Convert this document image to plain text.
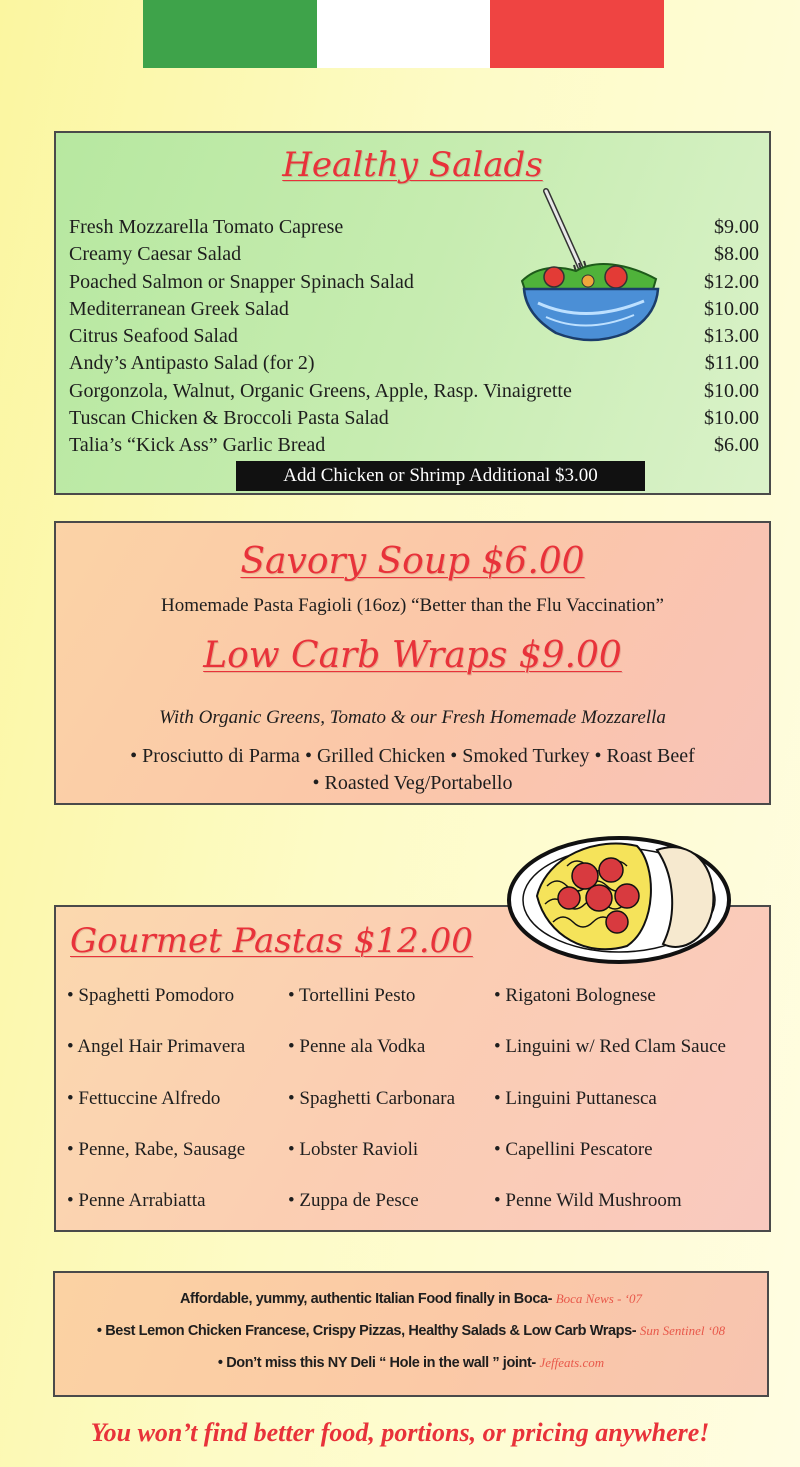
Healthy Salads
Fresh Mozzarella Tomato Caprese	$9.00
Creamy Caesar Salad	$8.00
Poached Salmon or Snapper Spinach Salad	$12.00
Mediterranean Greek Salad	$10.00
Citrus Seafood Salad	$13.00
Andy’s Antipasto Salad (for 2)	$11.00
Gorgonzola, Walnut, Organic Greens, Apple, Rasp. Vinaigrette	$10.00
Tuscan Chicken & Broccoli Pasta Salad	$10.00
Talia’s “Kick Ass” Garlic Bread	$6.00
Add Chicken or Shrimp Additional $3.00
Savory Soup $6.00
Homemade Pasta Fagioli (16oz) “Better than the Flu Vaccination”
Low Carb Wraps $9.00
With Organic Greens, Tomato & our Fresh Homemade Mozzarella
• Prosciutto di Parma • Grilled Chicken • Smoked Turkey • Roast Beef
• Roasted Veg/Portabello
Gourmet Pastas $12.00
• Spaghetti Pomodoro
• Angel Hair Primavera
• Fettuccine Alfredo
• Penne, Rabe, Sausage
• Penne Arrabiatta
• Tortellini Pesto
• Penne ala Vodka
• Spaghetti Carbonara
• Lobster Ravioli
• Zuppa de Pesce
• Rigatoni Bolognese
• Linguini w/ Red Clam Sauce
• Linguini Puttanesca
• Capellini Pescatore
• Penne Wild Mushroom
Affordable, yummy, authentic Italian Food finally in Boca- Boca News - ‘07
• Best Lemon Chicken Francese, Crispy Pizzas, Healthy Salads & Low Carb Wraps- Sun Sentinel ‘08
• Don’t miss this NY Deli “ Hole in the wall ” joint- Jeffeats.com
You won’t find better food, portions, or pricing anywhere!
